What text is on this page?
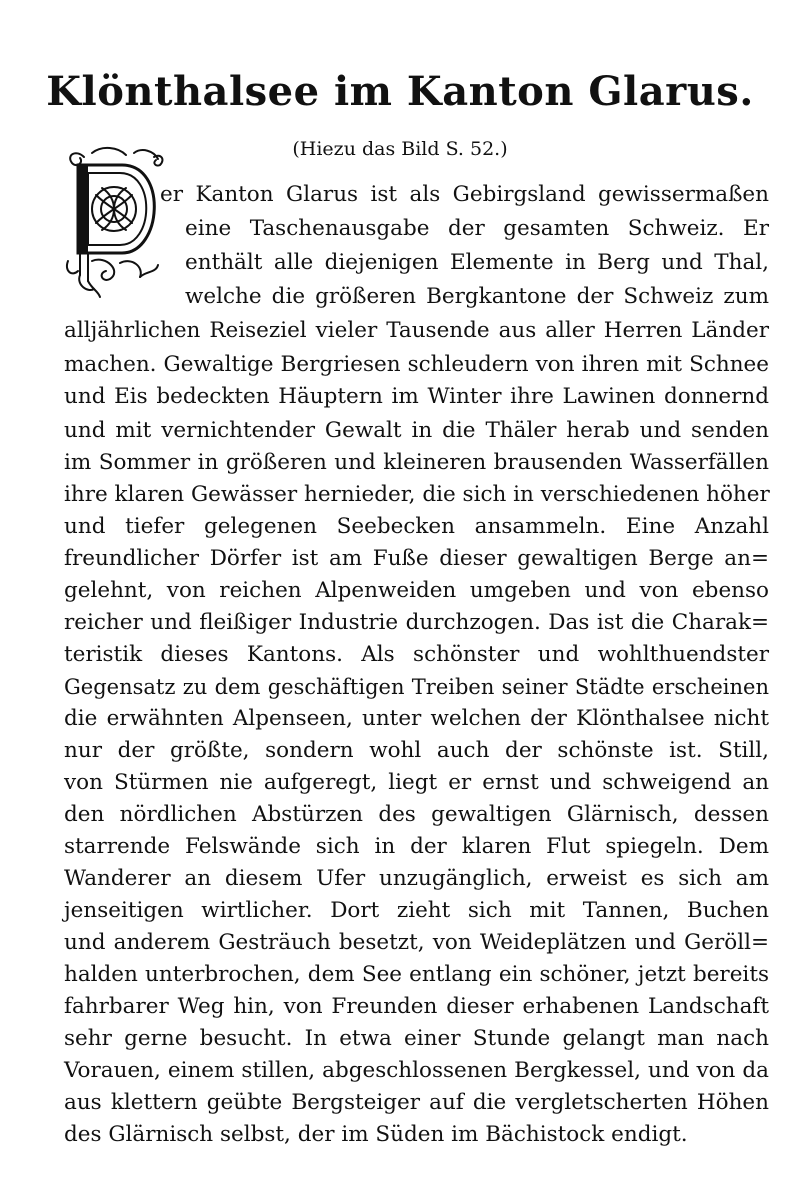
Klönthalsee im Kanton Glarus.
(Hiezu das Bild S. 52.)
er Kanton Glarus ist als Gebirgsland gewissermaßen
eine Taschenausgabe der gesamten Schweiz. Er
enthält alle diejenigen Elemente in Berg und Thal,
welche die größeren Bergkantone der Schweiz zum
alljährlichen Reiseziel vieler Tausende aus aller Herren Länder
machen. Gewaltige Bergriesen schleudern von ihren mit Schnee
und Eis bedeckten Häuptern im Winter ihre Lawinen donnernd
und mit vernichtender Gewalt in die Thäler herab und senden
im Sommer in größeren und kleineren brausenden Wasserfällen
ihre klaren Gewässer hernieder, die sich in verschiedenen höher
und tiefer gelegenen Seebecken ansammeln. Eine Anzahl
freundlicher Dörfer ist am Fuße dieser gewaltigen Berge an=
gelehnt, von reichen Alpenweiden umgeben und von ebenso
reicher und fleißiger Industrie durchzogen. Das ist die Charak=
teristik dieses Kantons. Als schönster und wohlthuendster
Gegensatz zu dem geschäftigen Treiben seiner Städte erscheinen
die erwähnten Alpenseen, unter welchen der Klönthalsee nicht
nur der größte, sondern wohl auch der schönste ist. Still,
von Stürmen nie aufgeregt, liegt er ernst und schweigend an
den nördlichen Abstürzen des gewaltigen Glärnisch, dessen
starrende Felswände sich in der klaren Flut spiegeln. Dem
Wanderer an diesem Ufer unzugänglich, erweist es sich am
jenseitigen wirtlicher. Dort zieht sich mit Tannen, Buchen
und anderem Gesträuch besetzt, von Weideplätzen und Geröll=
halden unterbrochen, dem See entlang ein schöner, jetzt bereits
fahrbarer Weg hin, von Freunden dieser erhabenen Landschaft
sehr gerne besucht. In etwa einer Stunde gelangt man nach
Vorauen, einem stillen, abgeschlossenen Bergkessel, und von da
aus klettern geübte Bergsteiger auf die vergletscherten Höhen
des Glärnisch selbst, der im Süden im Bächistock endigt.
